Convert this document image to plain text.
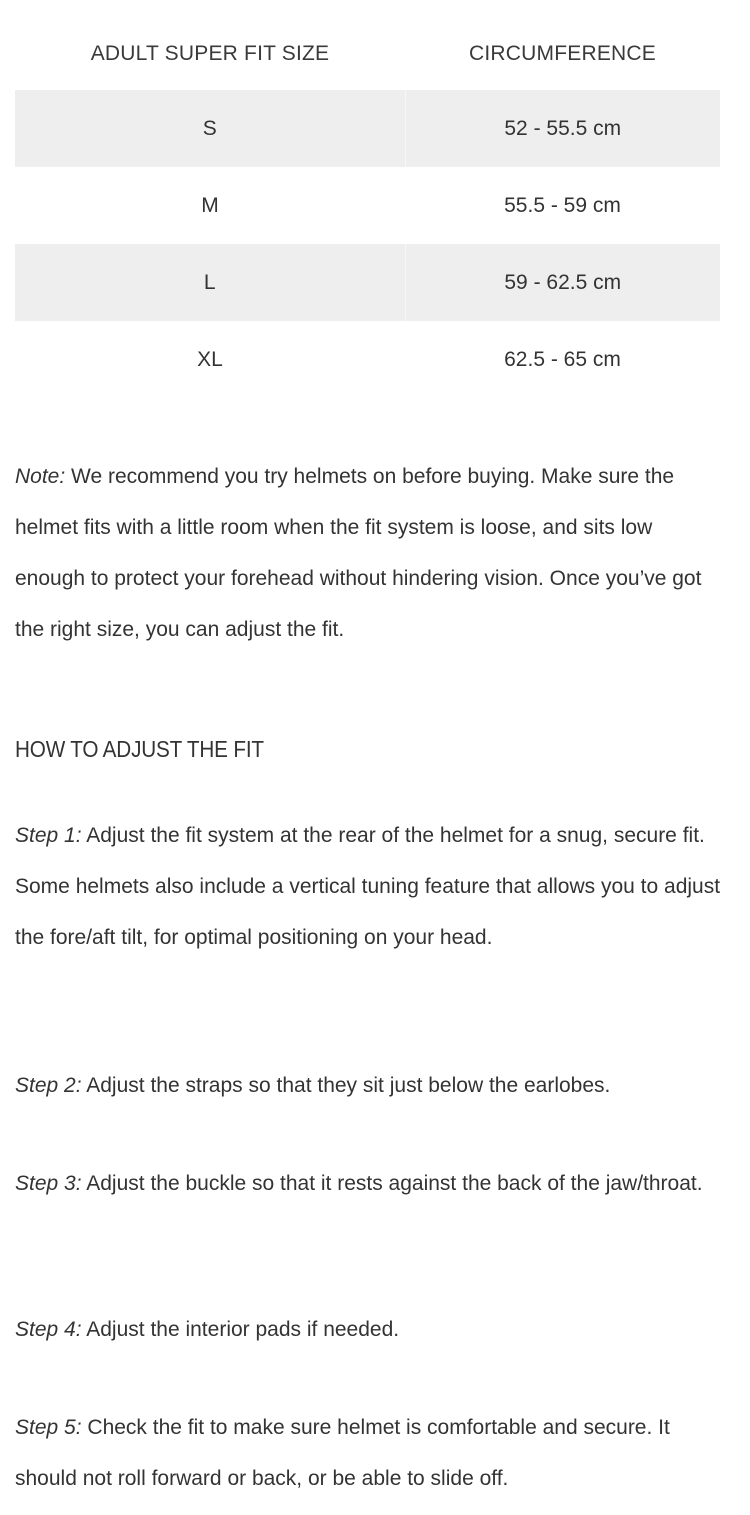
ADULT SUPER FIT SIZE	CIRCUMFERENCE
S	52 - 55.5 cm
M	55.5 - 59 cm
L	59 - 62.5 cm
XL	62.5 - 65 cm

Note: We recommend you try helmets on before buying. Make sure the helmet fits with a little room when the fit system is loose, and sits low enough to protect your forehead without hindering vision. Once you’ve got the right size, you can adjust the fit.

HOW TO ADJUST THE FIT

Step 1: Adjust the fit system at the rear of the helmet for a snug, secure fit. Some helmets also include a vertical tuning feature that allows you to adjust the fore/aft tilt, for optimal positioning on your head.

Step 2: Adjust the straps so that they sit just below the earlobes.

Step 3: Adjust the buckle so that it rests against the back of the jaw/throat.

Step 4: Adjust the interior pads if needed.

Step 5: Check the fit to make sure helmet is comfortable and secure. It should not roll forward or back, or be able to slide off.
